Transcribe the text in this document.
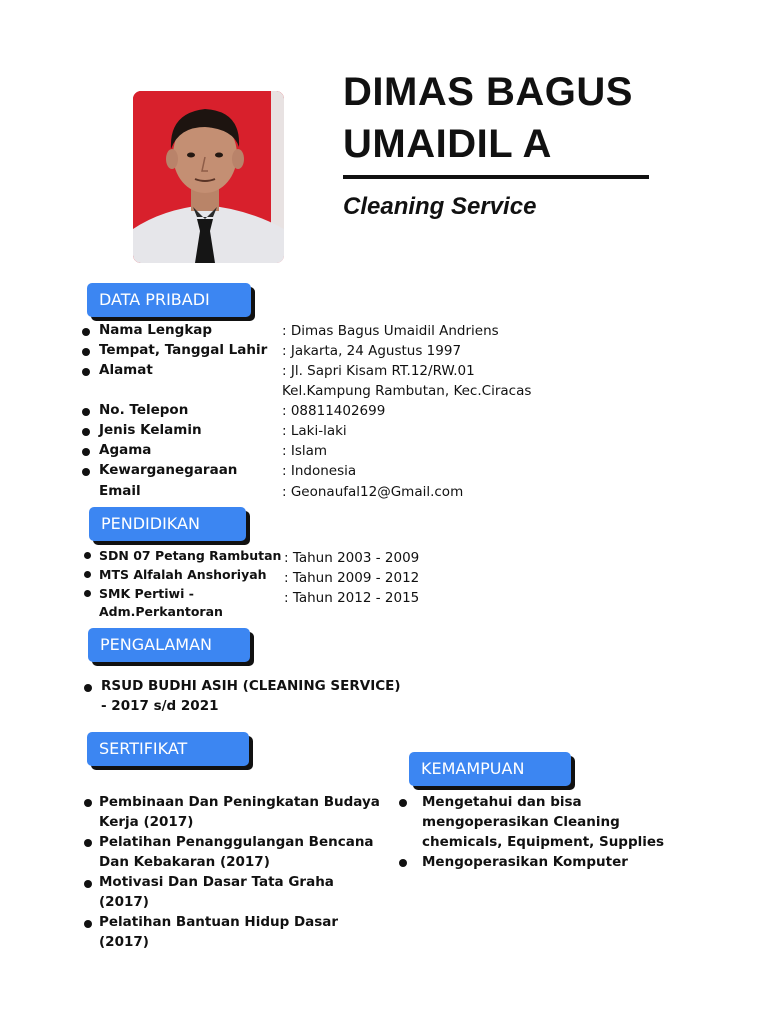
DIMAS BAGUS
UMAIDIL A
Cleaning Service
DATA PRIBADI
Nama Lengkap	: Dimas Bagus Umaidil Andriens
Tempat, Tanggal Lahir : Jakarta, 24 Agustus 1997
Alamat	: Jl. Sapri Kisam RT.12/RW.01
Kel.Kampung Rambutan, Kec.Ciracas
No. Telepon	: 08811402699
Jenis Kelamin	: Laki-laki
Agama	: Islam
Kewarganegaraan	: Indonesia
Email	: Geonaufal12@Gmail.com
PENDIDIKAN
SDN 07 Petang Rambutan : Tahun 2003 - 2009
MTS Alfalah Anshoriyah : Tahun 2009 - 2012
SMK Pertiwi -
Adm.Perkantoran
: Tahun 2012 - 2015
PENGALAMAN
RSUD BUDHI ASIH (CLEANING SERVICE)
- 2017 s/d 2021
SERTIFIKAT
Pembinaan Dan Peningkatan Budaya
Kerja (2017)
Pelatihan Penanggulangan Bencana
Dan Kebakaran (2017)
Motivasi Dan Dasar Tata Graha
(2017)
Pelatihan Bantuan Hidup Dasar
(2017)
KEMAMPUAN
Mengetahui dan bisa
mengoperasikan Cleaning
chemicals, Equipment, Supplies
Mengoperasikan Komputer
